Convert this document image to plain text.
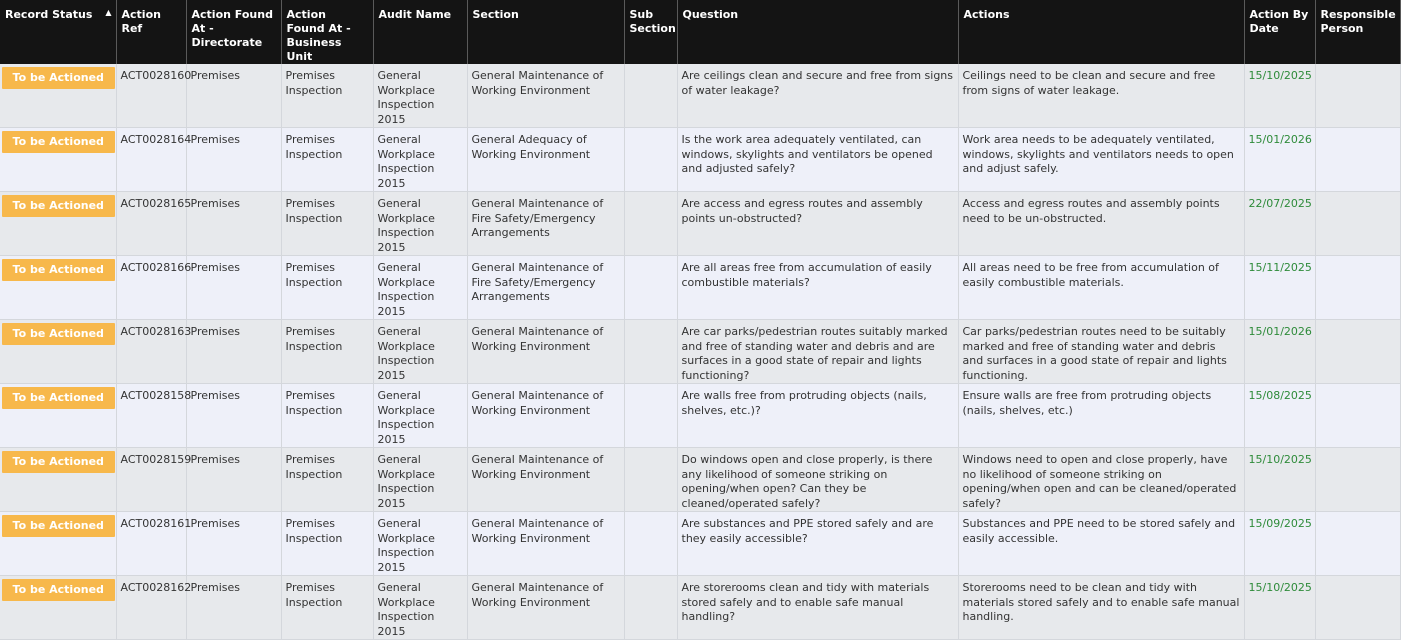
Record Status ▲	Action Ref	Action Found At - Directorate	Action Found At - Business Unit	Audit Name	Section	Sub Section	Question	Actions	Action By Date	Responsible Person

To be Actioned	ACT0028160	Premises	Premises Inspection	General Workplace Inspection 2015	General Maintenance of Working Environment		Are ceilings clean and secure and free from signs of water leakage?	Ceilings need to be clean and secure and free from signs of water leakage.	15/10/2025	

To be Actioned	ACT0028164	Premises	Premises Inspection	General Workplace Inspection 2015	General Adequacy of Working Environment		Is the work area adequately ventilated, can windows, skylights and ventilators be opened and adjusted safely?	Work area needs to be adequately ventilated, windows, skylights and ventilators needs to open and adjust safely.	15/01/2026	

To be Actioned	ACT0028165	Premises	Premises Inspection	General Workplace Inspection 2015	General Maintenance of Fire Safety/Emergency Arrangements		Are access and egress routes and assembly points un-obstructed?	Access and egress routes and assembly points need to be un-obstructed.	22/07/2025	

To be Actioned	ACT0028166	Premises	Premises Inspection	General Workplace Inspection 2015	General Maintenance of Fire Safety/Emergency Arrangements		Are all areas free from accumulation of easily combustible materials?	All areas need to be free from accumulation of easily combustible materials.	15/11/2025	

To be Actioned	ACT0028163	Premises	Premises Inspection	General Workplace Inspection 2015	General Maintenance of Working Environment		Are car parks/pedestrian routes suitably marked and free of standing water and debris and are surfaces in a good state of repair and lights functioning?	Car parks/pedestrian routes need to be suitably marked and free of standing water and debris and surfaces in a good state of repair and lights functioning.	15/01/2026	

To be Actioned	ACT0028158	Premises	Premises Inspection	General Workplace Inspection 2015	General Maintenance of Working Environment		Are walls free from protruding objects (nails, shelves, etc.)?	Ensure walls are free from protruding objects (nails, shelves, etc.)	15/08/2025	

To be Actioned	ACT0028159	Premises	Premises Inspection	General Workplace Inspection 2015	General Maintenance of Working Environment		Do windows open and close properly, is there any likelihood of someone striking on opening/when open? Can they be cleaned/operated safely?	Windows need to open and close properly, have no likelihood of someone striking on opening/when open and can be cleaned/operated safely?	15/10/2025	

To be Actioned	ACT0028161	Premises	Premises Inspection	General Workplace Inspection 2015	General Maintenance of Working Environment		Are substances and PPE stored safely and are they easily accessible?	Substances and PPE need to be stored safely and easily accessible.	15/09/2025	

To be Actioned	ACT0028162	Premises	Premises Inspection	General Workplace Inspection 2015	General Maintenance of Working Environment		Are storerooms clean and tidy with materials stored safely and to enable safe manual handling?	Storerooms need to be clean and tidy with materials stored safely and to enable safe manual handling.	15/10/2025	
